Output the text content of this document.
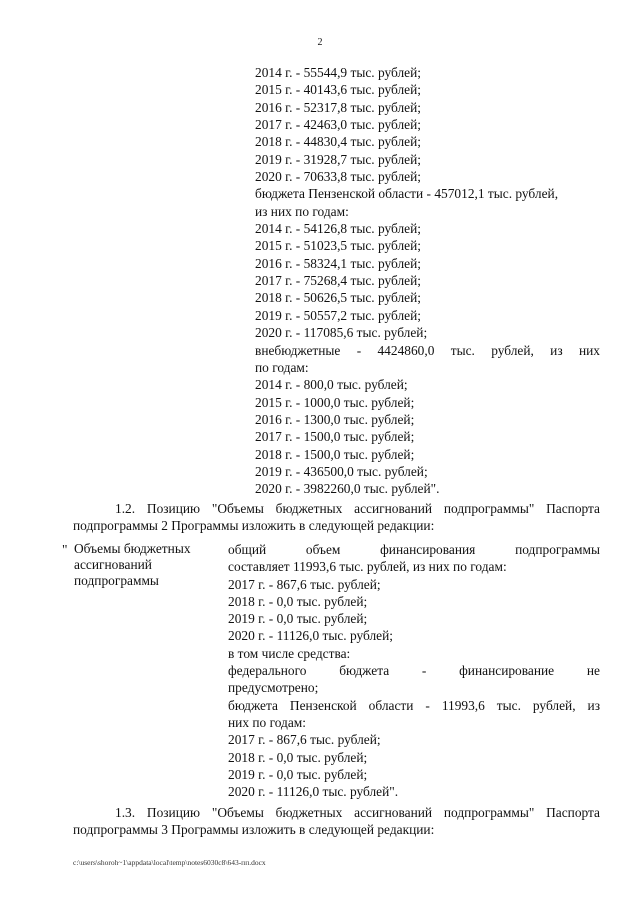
2
2014 г. - 55544,9 тыс. рублей;
2015 г. - 40143,6 тыс. рублей;
2016 г. - 52317,8 тыс. рублей;
2017 г. - 42463,0 тыс. рублей;
2018 г. - 44830,4 тыс. рублей;
2019 г. - 31928,7 тыс. рублей;
2020 г. - 70633,8 тыс. рублей;
бюджета Пензенской области - 457012,1 тыс. рублей,
из них по годам:
2014 г. - 54126,8 тыс. рублей;
2015 г. - 51023,5 тыс. рублей;
2016 г. - 58324,1 тыс. рублей;
2017 г. - 75268,4 тыс. рублей;
2018 г. - 50626,5 тыс. рублей;
2019 г. - 50557,2 тыс. рублей;
2020 г. - 117085,6 тыс. рублей;
внебюджетные - 4424860,0 тыс. рублей, из них
по годам:
2014 г. - 800,0 тыс. рублей;
2015 г. - 1000,0 тыс. рублей;
2016 г. - 1300,0 тыс. рублей;
2017 г. - 1500,0 тыс. рублей;
2018 г. - 1500,0 тыс. рублей;
2019 г. - 436500,0 тыс. рублей;
2020 г. - 3982260,0 тыс. рублей".
1.2. Позицию "Объемы бюджетных ассигнований подпрограммы" Паспорта
подпрограммы 2 Программы изложить в следующей редакции:
" Объемы бюджетных
ассигнований
подпрограммы
общий объем финансирования подпрограммы
составляет 11993,6 тыс. рублей, из них по годам:
2017 г. - 867,6 тыс. рублей;
2018 г. - 0,0 тыс. рублей;
2019 г. - 0,0 тыс. рублей;
2020 г. - 11126,0 тыс. рублей;
в том числе средства:
федерального бюджета - финансирование не
предусмотрено;
бюджета Пензенской области - 11993,6 тыс. рублей, из
них по годам:
2017 г. - 867,6 тыс. рублей;
2018 г. - 0,0 тыс. рублей;
2019 г. - 0,0 тыс. рублей;
2020 г. - 11126,0 тыс. рублей".
1.3. Позицию "Объемы бюджетных ассигнований подпрограммы" Паспорта
подпрограммы 3 Программы изложить в следующей редакции:
c:\users\shoroh~1\appdata\local\temp\notes6030c8\643-пп.docx
